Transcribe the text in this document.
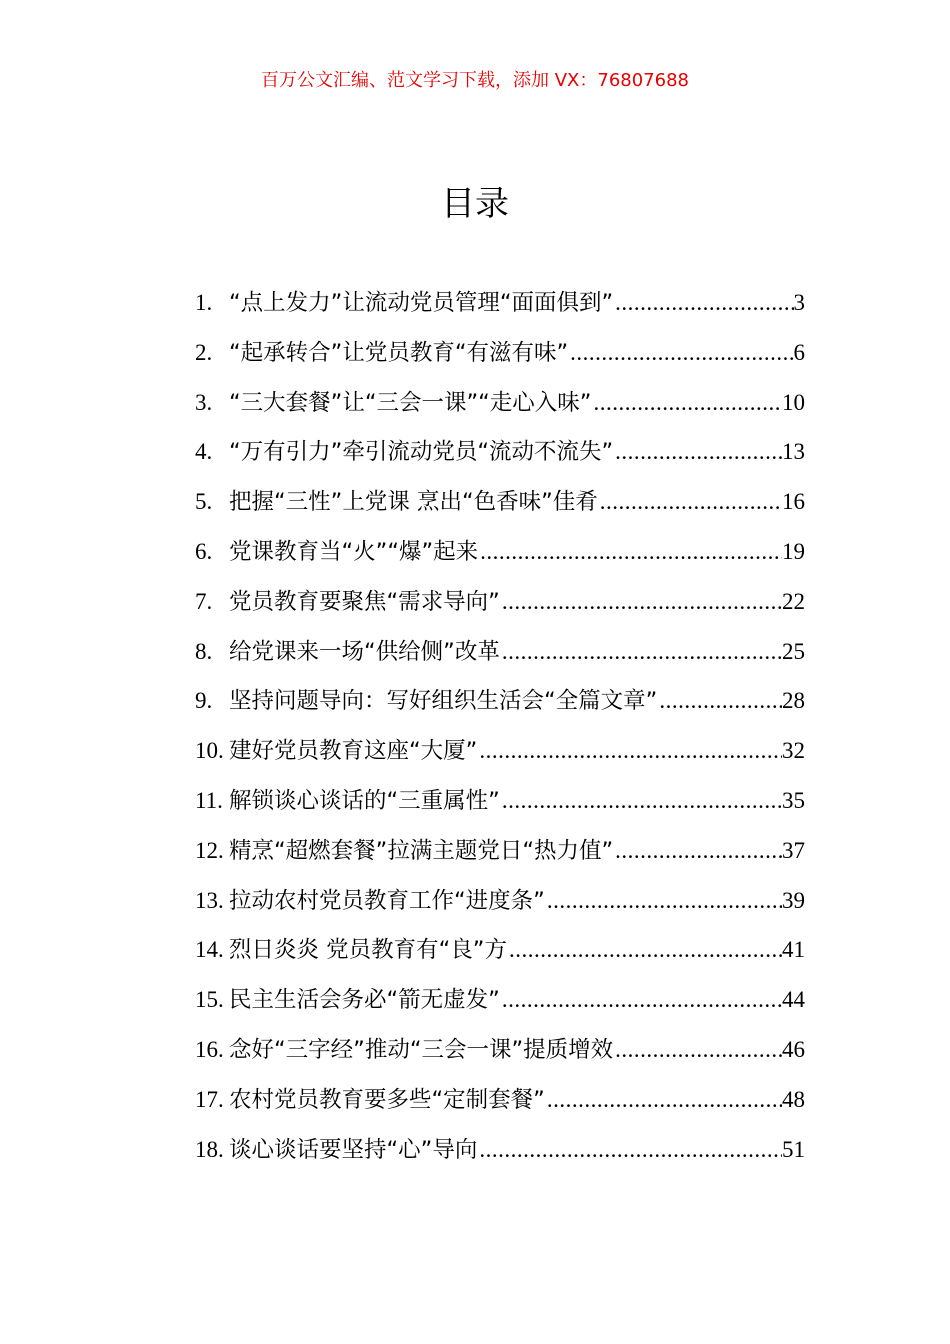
百万公文汇编、范文学习下载，添加 VX：76807688
目录
1. “点上发力”让流动党员管理“面面俱到” .....	3
2. “起承转合”让党员教育“有滋有味” .....	6
3. “三大套餐”让“三会一课”“走心入味” .....	10
4. “万有引力”牵引流动党员“流动不流失” .....	13
5. 把握“三性”上党课 烹出“色香味”佳肴 .....	16
6. 党课教育当“火”“爆”起来 .....	19
7. 党员教育要聚焦“需求导向” .....	22
8. 给党课来一场“供给侧”改革 .....	25
9. 坚持问题导向：写好组织生活会“全篇文章” .....	28
10. 建好党员教育这座“大厦” .....	32
11. 解锁谈心谈话的“三重属性” .....	35
12. 精烹“超燃套餐”拉满主题党日“热力值” .....	37
13. 拉动农村党员教育工作“进度条” .....	39
14. 烈日炎炎 党员教育有“良”方 .....	41
15. 民主生活会务必“箭无虚发” .....	44
16. 念好“三字经”推动“三会一课”提质增效 .....	46
17. 农村党员教育要多些“定制套餐” .....	48
18. 谈心谈话要坚持“心”导向 .....	51
